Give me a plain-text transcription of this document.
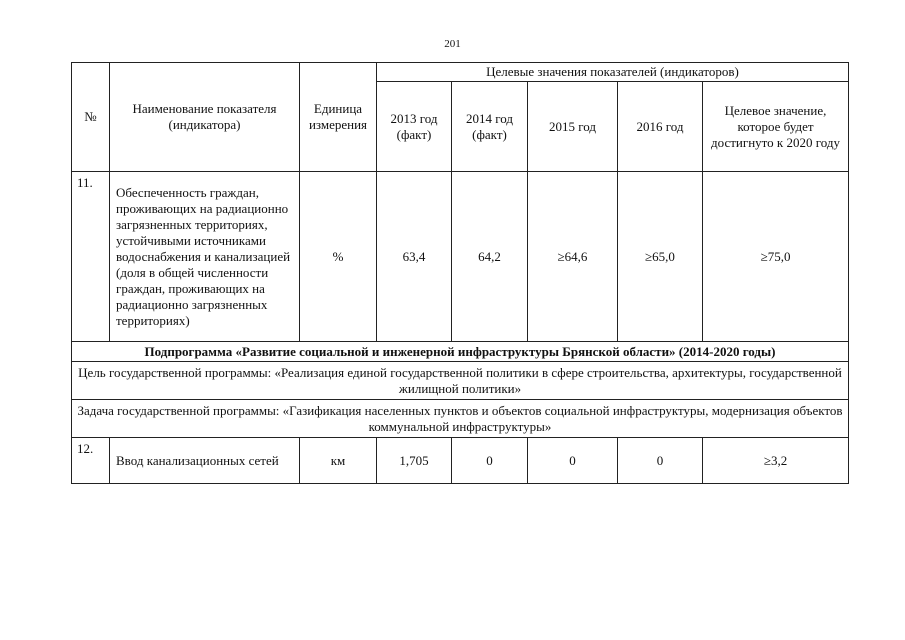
201
№	Наименование показателя (индикатора)	Единица измерения	Целевые значения показателей (индикаторов)				
			2013 год (факт)	2014 год (факт)	2015 год	2016 год	Целевое значение, которое будет достигнуто к 2020 году
11.	Обеспеченность граждан, проживающих на радиационно загрязненных территориях, устойчивыми источниками водоснабжения и канализацией (доля в общей численности граждан, проживающих на радиационно загрязненных территориях)	%	63,4	64,2	≥64,6	≥65,0	≥75,0
Подпрограмма «Развитие социальной и инженерной инфраструктуры Брянской области» (2014-2020 годы)							
Цель государственной программы: «Реализация единой государственной политики в сфере строительства, архитектуры, государственной жилищной политики»							
Задача государственной программы: «Газификация населенных пунктов и объектов социальной инфраструктуры, модернизация объектов коммунальной инфраструктуры»							
12.	Ввод канализационных сетей	км	1,705	0	0	0	≥3,2
